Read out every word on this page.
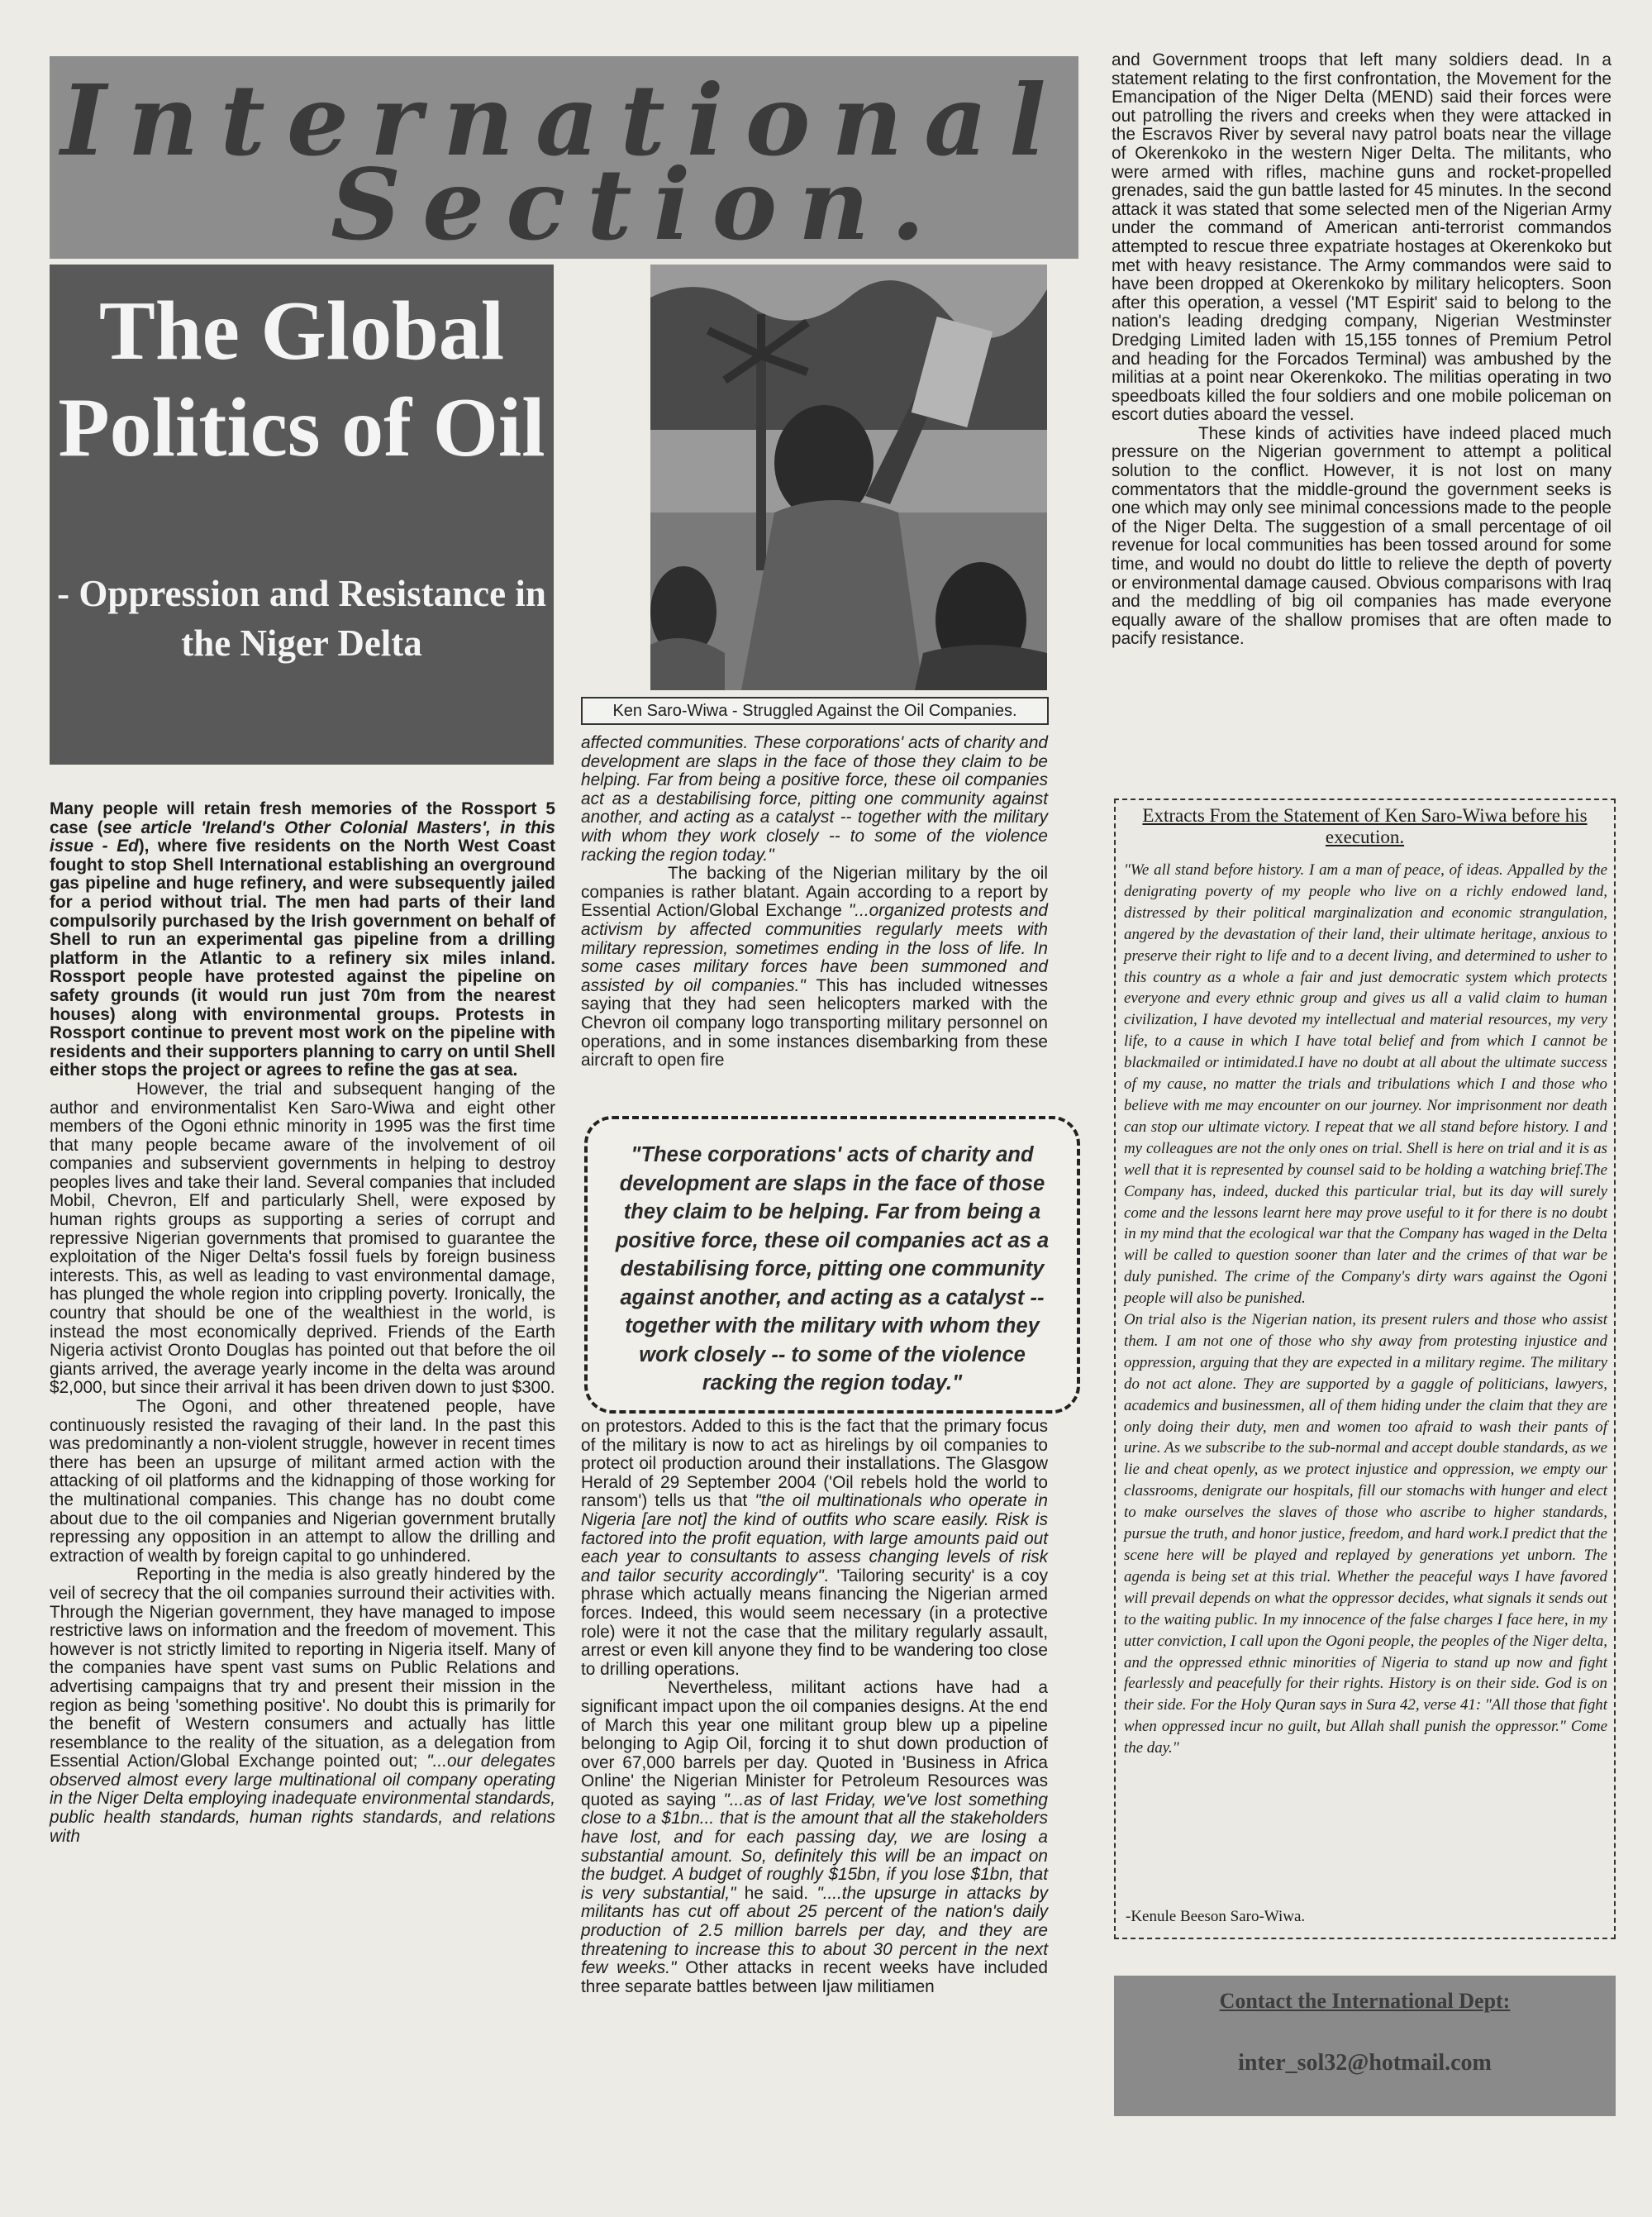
International
Section.
The Global Politics of Oil
- Oppression and Resistance in the Niger Delta
Ken Saro-Wiwa - Struggled Against the Oil Companies.

Many people will retain fresh memories of the Rossport 5 case (see article 'Ireland's Other Colonial Masters', in this issue - Ed), where five residents on the North West Coast fought to stop Shell International establishing an overground gas pipeline and huge refinery, and were subsequently jailed for a period without trial. The men had parts of their land compulsorily purchased by the Irish government on behalf of Shell to run an experimental gas pipeline from a drilling platform in the Atlantic to a refinery six miles inland. Rossport people have protested against the pipeline on safety grounds (it would run just 70m from the nearest houses) along with environmental groups. Protests in Rossport continue to prevent most work on the pipeline with residents and their supporters planning to carry on until Shell either stops the project or agrees to refine the gas at sea.

However, the trial and subsequent hanging of the author and environmentalist Ken Saro-Wiwa and eight other members of the Ogoni ethnic minority in 1995 was the first time that many people became aware of the involvement of oil companies and subservient governments in helping to destroy peoples lives and take their land. Several companies that included Mobil, Chevron, Elf and particularly Shell, were exposed by human rights groups as supporting a series of corrupt and repressive Nigerian governments that promised to guarantee the exploitation of the Niger Delta's fossil fuels by foreign business interests. This, as well as leading to vast environmental damage, has plunged the whole region into crippling poverty. Ironically, the country that should be one of the wealthiest in the world, is instead the most economically deprived. Friends of the Earth Nigeria activist Oronto Douglas has pointed out that before the oil giants arrived, the average yearly income in the delta was around $2,000, but since their arrival it has been driven down to just $300.

The Ogoni, and other threatened people, have continuously resisted the ravaging of their land. In the past this was predominantly a non-violent struggle, however in recent times there has been an upsurge of militant armed action with the attacking of oil platforms and the kidnapping of those working for the multinational companies. This change has no doubt come about due to the oil companies and Nigerian government brutally repressing any opposition in an attempt to allow the drilling and extraction of wealth by foreign capital to go unhindered.

Reporting in the media is also greatly hindered by the veil of secrecy that the oil companies surround their activities with. Through the Nigerian government, they have managed to impose restrictive laws on information and the freedom of movement. This however is not strictly limited to reporting in Nigeria itself. Many of the companies have spent vast sums on Public Relations and advertising campaigns that try and present their mission in the region as being 'something positive'. No doubt this is primarily for the benefit of Western consumers and actually has little resemblance to the reality of the situation, as a delegation from Essential Action/Global Exchange pointed out; "...our delegates observed almost every large multinational oil company operating in the Niger Delta employing inadequate environmental standards, public health standards, human rights standards, and relations with

affected communities. These corporations' acts of charity and development are slaps in the face of those they claim to be helping. Far from being a positive force, these oil companies act as a destabilising force, pitting one community against another, and acting as a catalyst -- together with the military with whom they work closely -- to some of the violence racking the region today."

The backing of the Nigerian military by the oil companies is rather blatant. Again according to a report by Essential Action/Global Exchange "...organized protests and activism by affected communities regularly meets with military repression, sometimes ending in the loss of life. In some cases military forces have been summoned and assisted by oil companies." This has included witnesses saying that they had seen helicopters marked with the Chevron oil company logo transporting military personnel on operations, and in some instances disembarking from these aircraft to open fire

"These corporations' acts of charity and development are slaps in the face of those they claim to be helping. Far from being a positive force, these oil companies act as a destabilising force, pitting one community against another, and acting as a catalyst -- together with the military with whom they work closely -- to some of the violence racking the region today."

on protestors. Added to this is the fact that the primary focus of the military is now to act as hirelings by oil companies to protect oil production around their installations. The Glasgow Herald of 29 September 2004 ('Oil rebels hold the world to ransom') tells us that "the oil multinationals who operate in Nigeria [are not] the kind of outfits who scare easily. Risk is factored into the profit equation, with large amounts paid out each year to consultants to assess changing levels of risk and tailor security accordingly". 'Tailoring security' is a coy phrase which actually means financing the Nigerian armed forces. Indeed, this would seem necessary (in a protective role) were it not the case that the military regularly assault, arrest or even kill anyone they find to be wandering too close to drilling operations.

Nevertheless, militant actions have had a significant impact upon the oil companies designs. At the end of March this year one militant group blew up a pipeline belonging to Agip Oil, forcing it to shut down production of over 67,000 barrels per day. Quoted in 'Business in Africa Online' the Nigerian Minister for Petroleum Resources was quoted as saying "...as of last Friday, we've lost something close to a $1bn... that is the amount that all the stakeholders have lost, and for each passing day, we are losing a substantial amount. So, definitely this will be an impact on the budget. A budget of roughly $15bn, if you lose $1bn, that is very substantial," he said. "....the upsurge in attacks by militants has cut off about 25 percent of the nation's daily production of 2.5 million barrels per day, and they are threatening to increase this to about 30 percent in the next few weeks." Other attacks in recent weeks have included three separate battles between Ijaw militiamen

and Government troops that left many soldiers dead. In a statement relating to the first confrontation, the Movement for the Emancipation of the Niger Delta (MEND) said their forces were out patrolling the rivers and creeks when they were attacked in the Escravos River by several navy patrol boats near the village of Okerenkoko in the western Niger Delta. The militants, who were armed with rifles, machine guns and rocket-propelled grenades, said the gun battle lasted for 45 minutes. In the second attack it was stated that some selected men of the Nigerian Army under the command of American anti-terrorist commandos attempted to rescue three expatriate hostages at Okerenkoko but met with heavy resistance. The Army commandos were said to have been dropped at Okerenkoko by military helicopters. Soon after this operation, a vessel ('MT Espirit' said to belong to the nation's leading dredging company, Nigerian Westminster Dredging Limited laden with 15,155 tonnes of Premium Petrol and heading for the Forcados Terminal) was ambushed by the militias at a point near Okerenkoko. The militias operating in two speedboats killed the four soldiers and one mobile policeman on escort duties aboard the vessel.

These kinds of activities have indeed placed much pressure on the Nigerian government to attempt a political solution to the conflict. However, it is not lost on many commentators that the middle-ground the government seeks is one which may only see minimal concessions made to the people of the Niger Delta. The suggestion of a small percentage of oil revenue for local communities has been tossed around for some time, and would no doubt do little to relieve the depth of poverty or environmental damage caused. Obvious comparisons with Iraq and the meddling of big oil companies has made everyone equally aware of the shallow promises that are often made to pacify resistance.

Extracts From the Statement of Ken Saro-Wiwa before his execution.

"We all stand before history. I am a man of peace, of ideas. Appalled by the denigrating poverty of my people who live on a richly endowed land, distressed by their political marginalization and economic strangulation, angered by the devastation of their land, their ultimate heritage, anxious to preserve their right to life and to a decent living, and determined to usher to this country as a whole a fair and just democratic system which protects everyone and every ethnic group and gives us all a valid claim to human civilization, I have devoted my intellectual and material resources, my very life, to a cause in which I have total belief and from which I cannot be blackmailed or intimidated.I have no doubt at all about the ultimate success of my cause, no matter the trials and tribulations which I and those who believe with me may encounter on our journey. Nor imprisonment nor death can stop our ultimate victory. I repeat that we all stand before history. I and my colleagues are not the only ones on trial. Shell is here on trial and it is as well that it is represented by counsel said to be holding a watching brief.The Company has, indeed, ducked this particular trial, but its day will surely come and the lessons learnt here may prove useful to it for there is no doubt in my mind that the ecological war that the Company has waged in the Delta will be called to question sooner than later and the crimes of that war be duly punished. The crime of the Company's dirty wars against the Ogoni people will also be punished.

On trial also is the Nigerian nation, its present rulers and those who assist them. I am not one of those who shy away from protesting injustice and oppression, arguing that they are expected in a military regime. The military do not act alone. They are supported by a gaggle of politicians, lawyers, academics and businessmen, all of them hiding under the claim that they are only doing their duty, men and women too afraid to wash their pants of urine. As we subscribe to the sub-normal and accept double standards, as we lie and cheat openly, as we protect injustice and oppression, we empty our classrooms, denigrate our hospitals, fill our stomachs with hunger and elect to make ourselves the slaves of those who ascribe to higher standards, pursue the truth, and honor justice, freedom, and hard work.I predict that the scene here will be played and replayed by generations yet unborn. The agenda is being set at this trial. Whether the peaceful ways I have favored will prevail depends on what the oppressor decides, what signals it sends out to the waiting public. In my innocence of the false charges I face here, in my utter conviction, I call upon the Ogoni people, the peoples of the Niger delta, and the oppressed ethnic minorities of Nigeria to stand up now and fight fearlessly and peacefully for their rights. History is on their side. God is on their side. For the Holy Quran says in Sura 42, verse 41: "All those that fight when oppressed incur no guilt, but Allah shall punish the oppressor." Come the day."

-Kenule Beeson Saro-Wiwa.
Contact the International Dept:
inter_sol32@hotmail.com
